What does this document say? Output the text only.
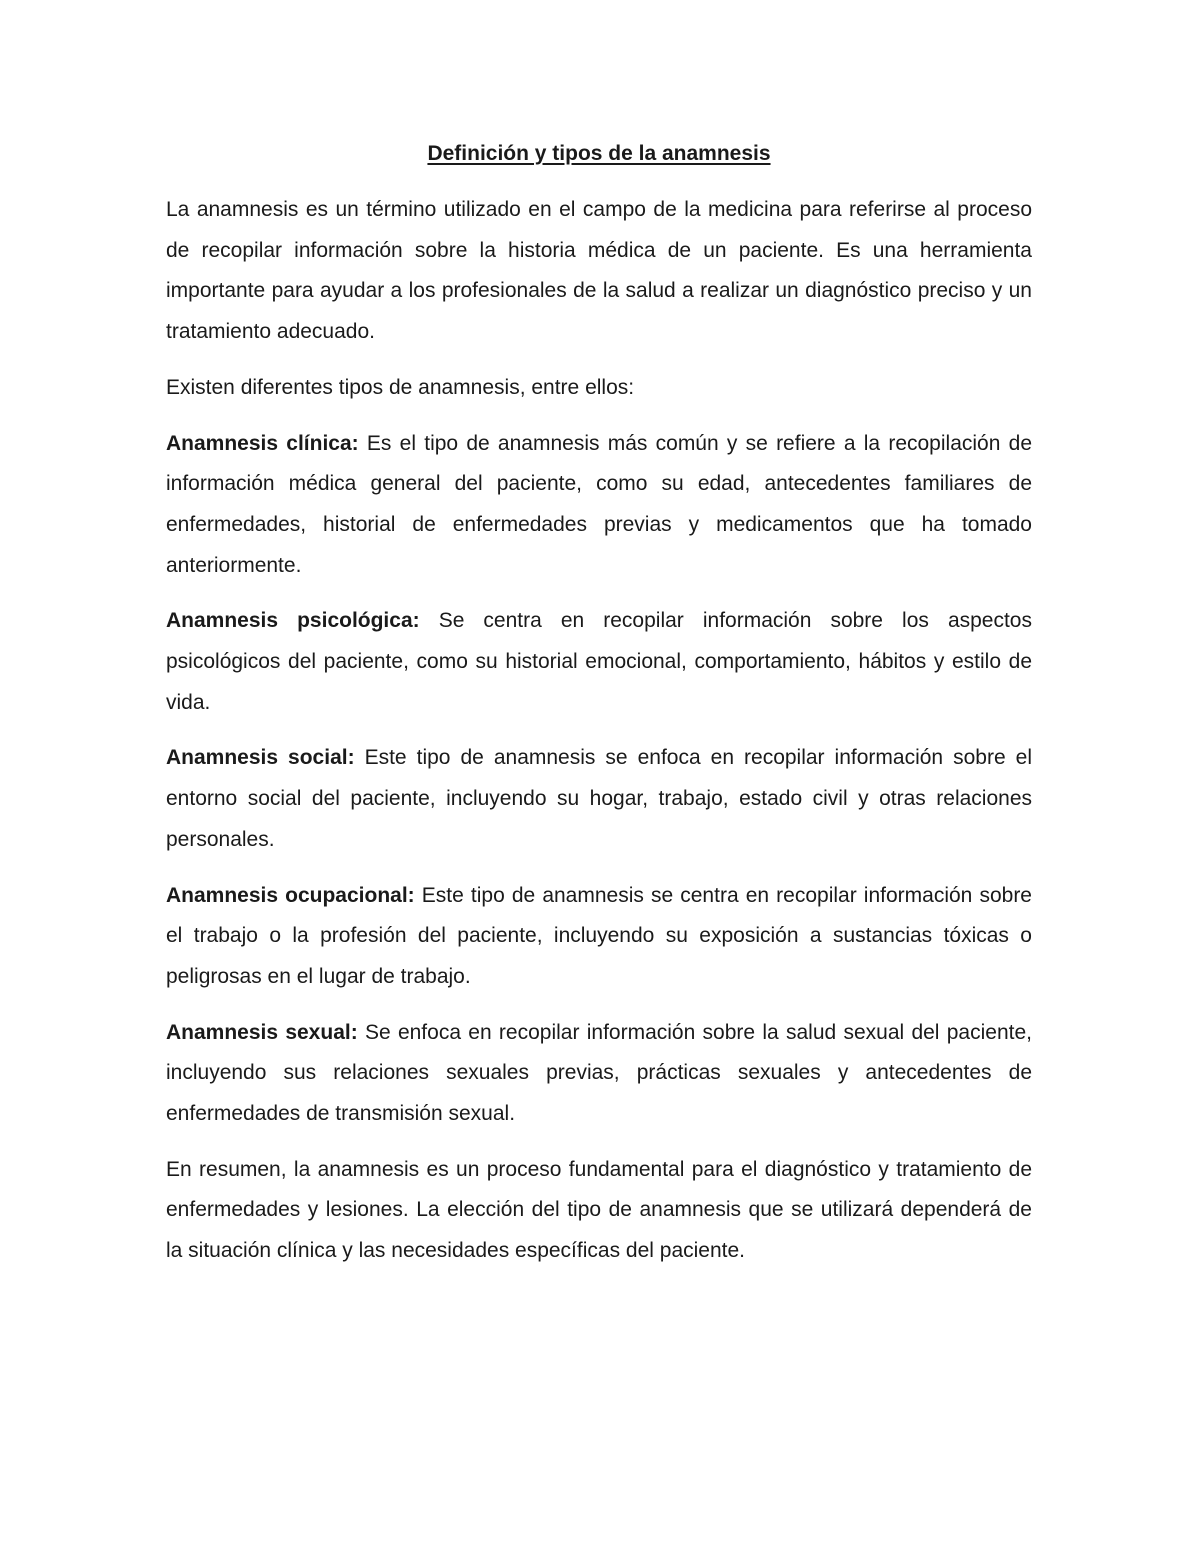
Definición y tipos de la anamnesis

La anamnesis es un término utilizado en el campo de la medicina para referirse al proceso de recopilar información sobre la historia médica de un paciente. Es una herramienta importante para ayudar a los profesionales de la salud a realizar un diagnóstico preciso y un tratamiento adecuado.

Existen diferentes tipos de anamnesis, entre ellos:

Anamnesis clínica: Es el tipo de anamnesis más común y se refiere a la recopilación de información médica general del paciente, como su edad, antecedentes familiares de enfermedades, historial de enfermedades previas y medicamentos que ha tomado anteriormente.

Anamnesis psicológica: Se centra en recopilar información sobre los aspectos psicológicos del paciente, como su historial emocional, comportamiento, hábitos y estilo de vida.

Anamnesis social: Este tipo de anamnesis se enfoca en recopilar información sobre el entorno social del paciente, incluyendo su hogar, trabajo, estado civil y otras relaciones personales.

Anamnesis ocupacional: Este tipo de anamnesis se centra en recopilar información sobre el trabajo o la profesión del paciente, incluyendo su exposición a sustancias tóxicas o peligrosas en el lugar de trabajo.

Anamnesis sexual: Se enfoca en recopilar información sobre la salud sexual del paciente, incluyendo sus relaciones sexuales previas, prácticas sexuales y antecedentes de enfermedades de transmisión sexual.

En resumen, la anamnesis es un proceso fundamental para el diagnóstico y tratamiento de enfermedades y lesiones. La elección del tipo de anamnesis que se utilizará dependerá de la situación clínica y las necesidades específicas del paciente.
